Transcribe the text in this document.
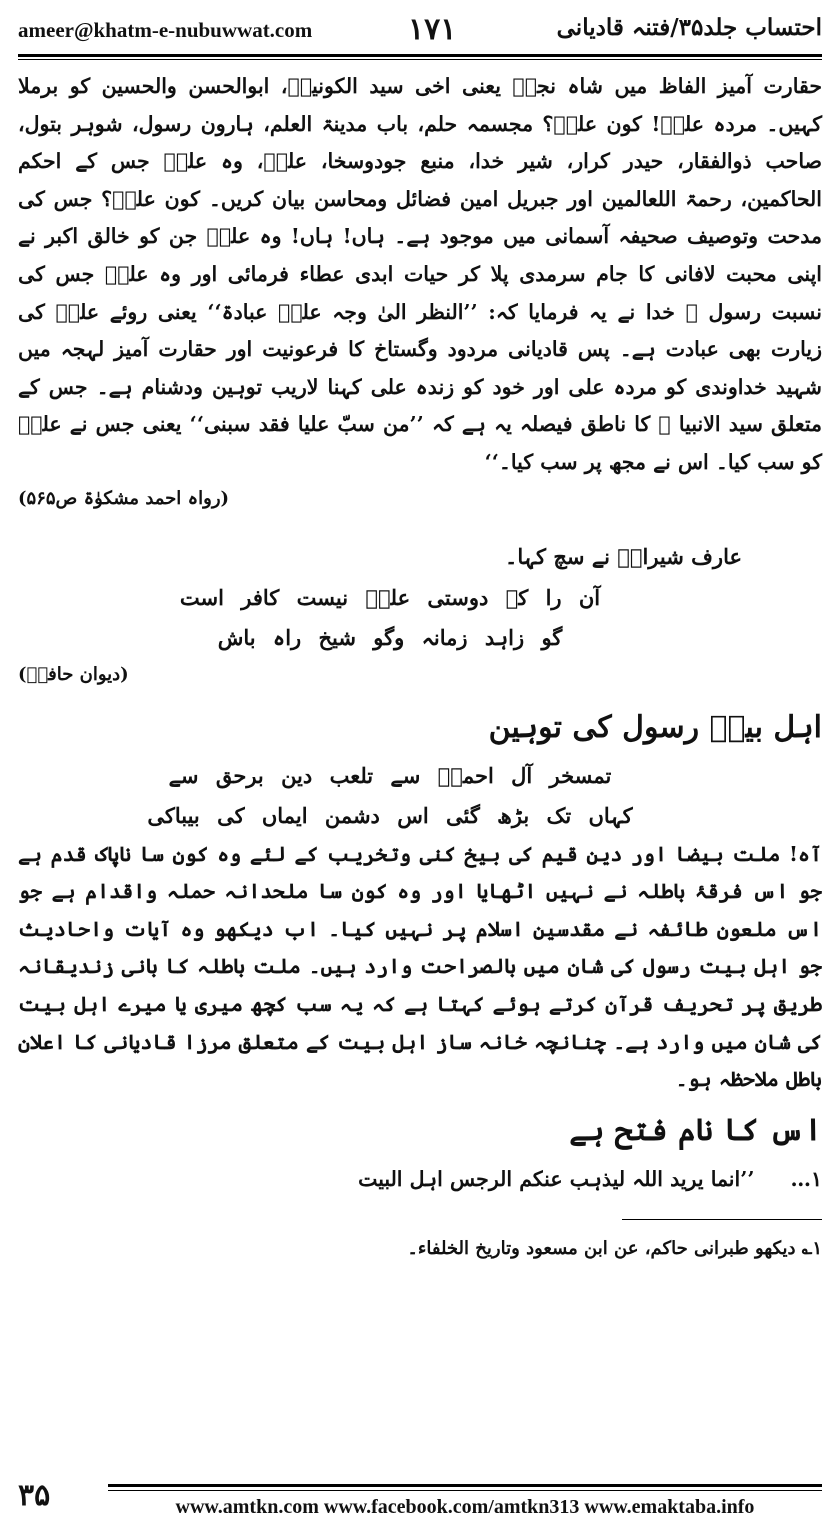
ameer@khatm-e-nubuwwat.com	۱۷۱	احتساب جلد۳۵/فتنہ قادیانی

حقارت آمیز الفاظ میں شاہ نجفؓ یعنی اخی سید الکونینؐ، ابوالحسن والحسین کو برملا کہیں۔ مردہ علیؓ! کون علیؓ؟ مجسمہ حلم، باب مدینۃ العلم، ہارون رسول، شوہر بتول، صاحب ذوالفقار، حیدر کرار، شیر خدا، منبع جودوسخا، علیؓ، وہ علیؓ جس کے احکم الحاکمین، رحمۃ اللعالمین اور جبریل امین فضائل ومحاسن بیان کریں۔ کون علیؓ؟ جس کی مدحت وتوصیف صحیفہ آسمانی میں موجود ہے۔ ہاں! ہاں! وہ علیؓ جن کو خالق اکبر نے اپنی محبت لافانی کا جام سرمدی پلا کر حیات ابدی عطاء فرمائی اور وہ علیؓ جس کی نسبت رسول ﷺ خدا نے یہ فرمایا کہ: ’’النظر الیٰ وجہ علیؓ عبادۃ‘‘ یعنی روئے علیؓ کی زیارت بھی عبادت ہے۔ پس قادیانی مردود وگستاخ کا فرعونیت اور حقارت آمیز لہجہ میں شہید خداوندی کو مردہ علی اور خود کو زندہ علی کہنا لاریب توہین ودشنام ہے۔ جس کے متعلق سید الانبیا ﷺ کا ناطق فیصلہ یہ ہے کہ ’’من سبّ علیا فقد سبنی‘‘ یعنی جس نے علیؓ کو سب کیا۔ اس نے مجھ پر سب کیا۔‘‘

(رواہ احمد مشکوٰۃ ص۵۶۵)
عارف شیرازؒ نے سچ کہا۔
آن را کہ دوستی علیؓ نیست کافر است
گو زاہد زمانہ وگو شیخ راہ باش
(دیوان حافظؒ)
اہل بیتؐ رسول کی توہین
تمسخر آل احمدؐ سے تلعب دین برحق سے
کہاں تک بڑھ گئی اس دشمن ایماں کی بیباکی

آہ! ملت بیضا اور دین قیم کی بیخ کنی وتخریب کے لئے وہ کون سا ناپاک قدم ہے جو اس فرقۂ باطلہ نے نہیں اٹھایا اور وہ کون سا ملحدانہ حملہ واقدام ہے جو اس ملعون طائفہ نے مقدسین اسلام پر نہیں کیا۔ اب دیکھو وہ آیات واحادیث جو اہل بیت رسول کی شان میں بالصراحت وارد ہیں۔ ملت باطلہ کا بانی زندیقانہ طریق پر تحریف قرآن کرتے ہوئے کہتا ہے کہ یہ سب کچھ میری یا میرے اہل بیت کی شان میں وارد ہے۔ چنانچہ خانہ ساز اہل بیت کے متعلق مرزا قادیانی کا اعلان باطل ملاحظہ ہو۔

اس کا نام فتح ہے
۱…
’’انما یرید اللہ لیذہب عنکم الرجس اہل البیت
۱؎ دیکھو طبرانی حاکم، عن ابن مسعود وتاریخ الخلفاء۔
۳۵	www.amtkn.com www.facebook.com/amtkn313 www.emaktaba.info
